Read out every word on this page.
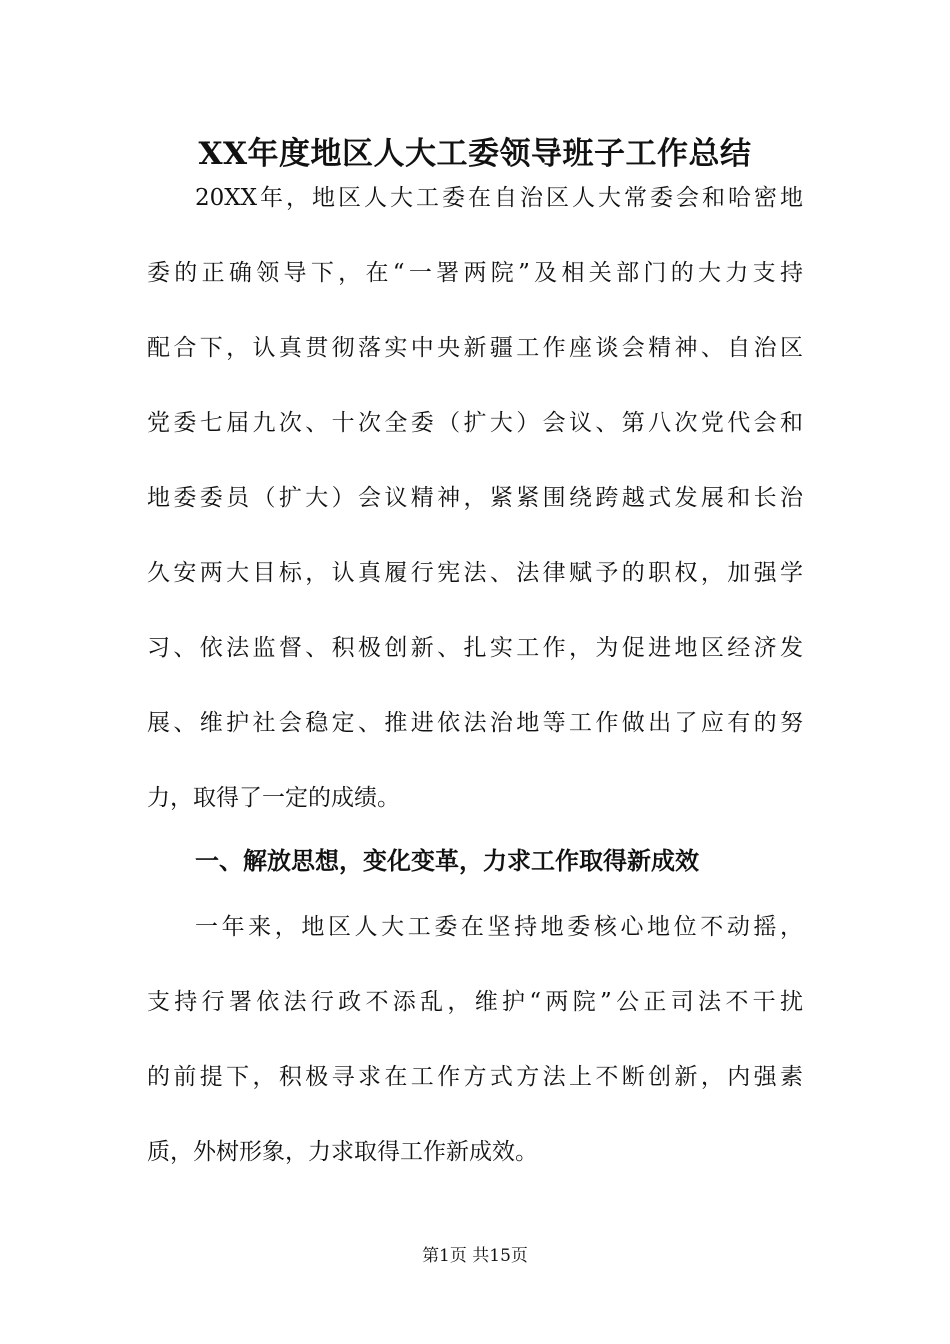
XX年度地区人大工委领导班子工作总结
20XX年，地区人大工委在自治区人大常委会和哈密地
委的正确领导下，在“一署两院”及相关部门的大力支持
配合下，认真贯彻落实中央新疆工作座谈会精神、自治区
党委七届九次、十次全委（扩大）会议、第八次党代会和
地委委员（扩大）会议精神，紧紧围绕跨越式发展和长治
久安两大目标，认真履行宪法、法律赋予的职权，加强学
习、依法监督、积极创新、扎实工作，为促进地区经济发
展、维护社会稳定、推进依法治地等工作做出了应有的努
力，取得了一定的成绩。
一、解放思想，变化变革，力求工作取得新成效
一年来，地区人大工委在坚持地委核心地位不动摇，
支持行署依法行政不添乱，维护“两院”公正司法不干扰
的前提下，积极寻求在工作方式方法上不断创新，内强素
质，外树形象，力求取得工作新成效。
第1页 共15页
